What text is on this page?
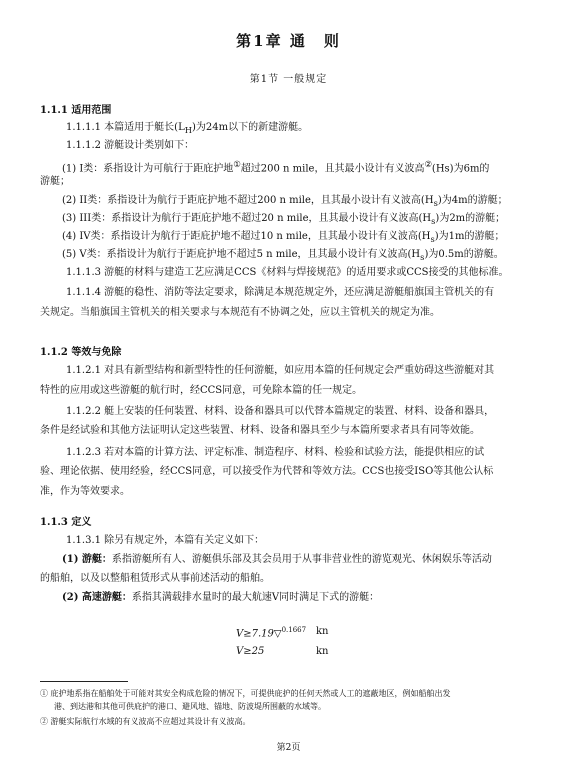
第1章 通　则
第1节 一般规定
1.1.1 适用范围
1.1.1.1 本篇适用于艇长$(L_H)$为24m以下的新建游艇。
1.1.1.2 游艇设计类别如下：
(1) I类：系指设计为可航行于距庇护地①超过200 n mile，且其最小设计有义波高②(Hs)为6m的
游艇；
(2) II类：系指设计为航行于距庇护地不超过200 n mile，且其最小设计有义波高$(H_s)$为4m的游艇；
(3) III类：系指设计为航行于距庇护地不超过20 n mile，且其最小设计有义波高$(H_s)$为2m的游艇；
(4) IV类：系指设计为航行于距庇护地不超过10 n mile，且其最小设计有义波高$(H_s)$为1m的游艇；
(5) V类：系指设计为航行于距庇护地不超过5 n mile，且其最小设计有义波高$(H_s)$为0.5m的游艇。
1.1.1.3 游艇的材料与建造工艺应满足CCS《材料与焊接规范》的适用要求或CCS接受的其他标准。
1.1.1.4 游艇的稳性、消防等法定要求，除满足本规范规定外，还应满足游艇船旗国主管机关的有
关规定。当船旗国主管机关的相关要求与本规范有不协调之处，应以主管机关的规定为准。
1.1.2 等效与免除
1.1.2.1 对具有新型结构和新型特性的任何游艇，如应用本篇的任何规定会严重妨碍这些游艇对其
特性的应用或这些游艇的航行时，经CCS同意，可免除本篇的任一规定。
1.1.2.2 艇上安装的任何装置、材料、设备和器具可以代替本篇规定的装置、材料、设备和器具，
条件是经试验和其他方法证明认定这些装置、材料、设备和器具至少与本篇所要求者具有同等效能。
1.1.2.3 若对本篇的计算方法、评定标准、制造程序、材料、检验和试验方法，能提供相应的试
验、理论依据、使用经验，经CCS同意，可以接受作为代替和等效方法。CCS也接受ISO等其他公认标
准，作为等效要求。
1.1.3 定义
1.1.3.1 除另有规定外，本篇有关定义如下：
(1) 游艇：系指游艇所有人、游艇俱乐部及其会员用于从事非营业性的游览观光、休闲娱乐等活动
的船舶，以及以整船租赁形式从事前述活动的船舶。
(2) 高速游艇：系指其满载排水量时的最大航速V同时满足下式的游艇：
V≥7.19▽$^{0.1667}$ kn
V≥25	kn
① 庇护地系指在船舶处于可能对其安全构成危险的情况下，可提供庇护的任何天然或人工的遮蔽地区，例如船舶出发
港、到达港和其他可供庇护的港口、避风地、锚地、防波堤所围蔽的水域等。
② 游艇实际航行水域的有义波高不应超过其设计有义波高。
第2页
